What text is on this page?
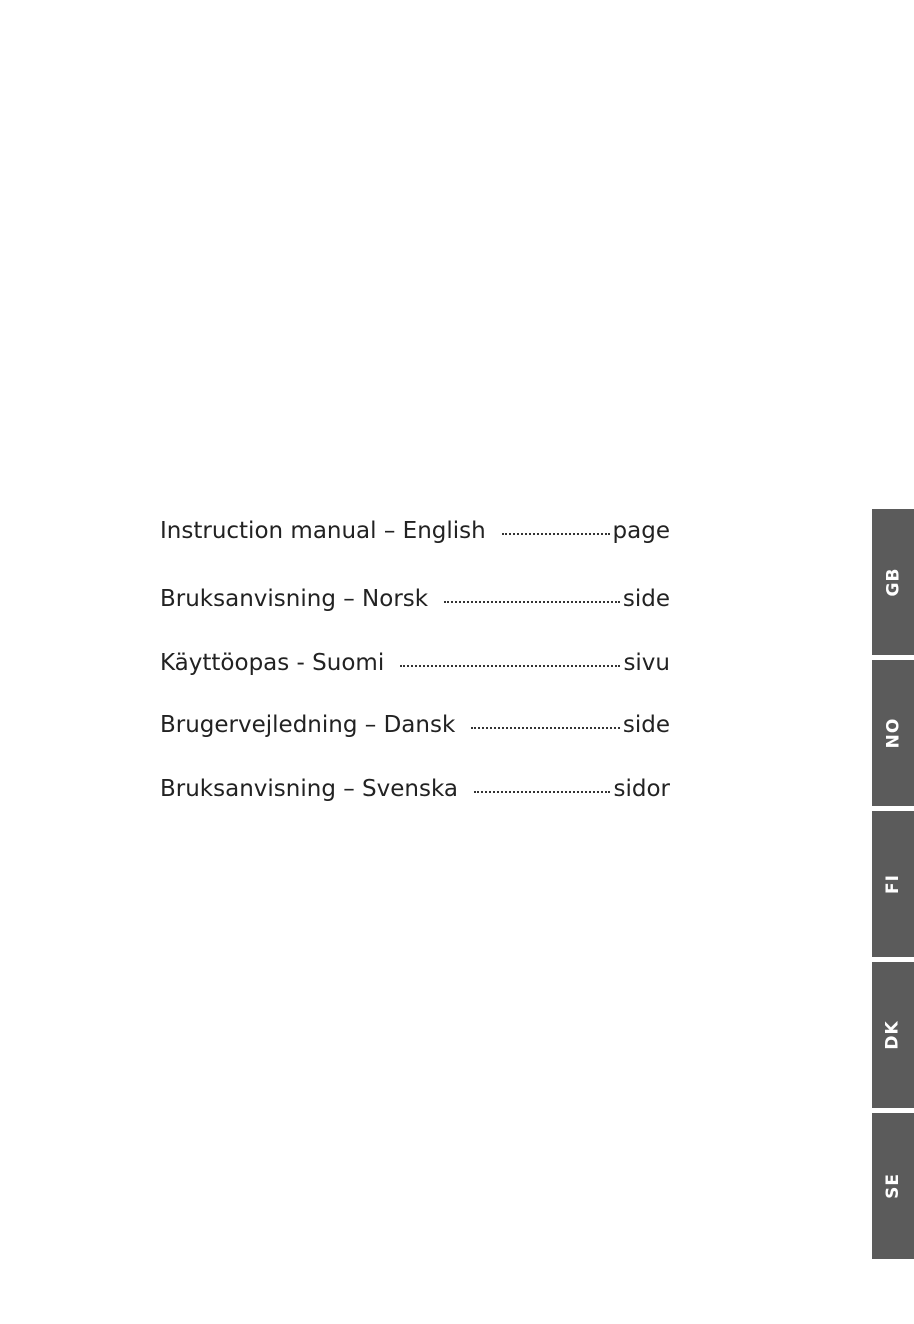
Instruction manual – English	page
Bruksanvisning – Norsk	side
Käyttöopas - Suomi	sivu
Brugervejledning – Dansk	side
Bruksanvisning – Svenska	sidor
GB
NO
FI
DK
SE
